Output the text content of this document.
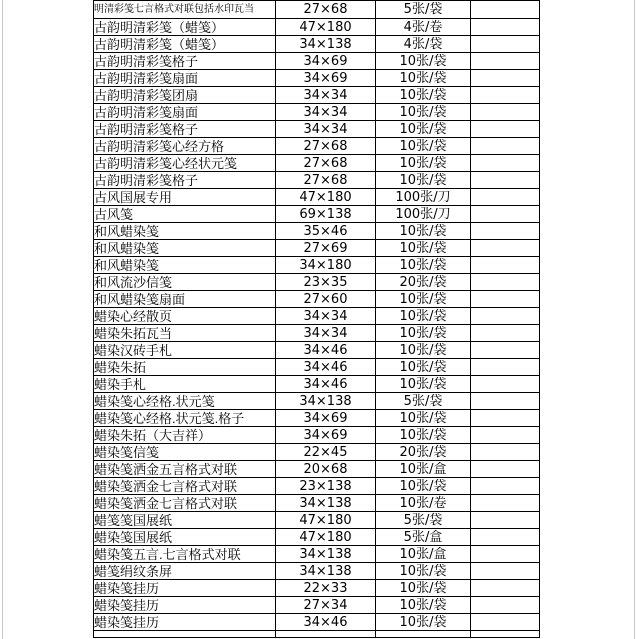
明清彩笺七言格式对联包括水印瓦当	27×68	5张/袋	
古韵明清彩笺（蜡笺）	47×180	4张/卷	
古韵明清彩笺（蜡笺）	34×138	4张/袋	
古韵明清彩笺格子	34×69	10张/袋	
古韵明清彩笺扇面	34×69	10张/袋	
古韵明清彩笺团扇	34×34	10张/袋	
古韵明清彩笺扇面	34×34	10张/袋	
古韵明清彩笺格子	34×34	10张/袋	
古韵明清彩笺心经方格	27×68	10张/袋	
古韵明清彩笺心经状元笺	27×68	10张/袋	
古韵明清彩笺格子	27×68	10张/袋	
古风国展专用	47×180	100张/刀	
古风笺	69×138	100张/刀	
和风蜡染笺	35×46	10张/袋	
和风蜡染笺	27×69	10张/袋	
和风蜡染笺	34×180	10张/袋	
和风流沙信笺	23×35	20张/袋	
和风蜡染笺扇面	27×60	10张/袋	
蜡染心经散页	34×34	10张/袋	
蜡染朱拓瓦当	34×34	10张/袋	
蜡染汉砖手札	34×46	10张/袋	
蜡染朱拓	34×46	10张/袋	
蜡染手札	34×46	10张/袋	
蜡染笺心经格.状元笺	34×138	5张/袋	
蜡染笺心经格.状元笺.格子	34×69	10张/袋	
蜡染朱拓（大吉祥）	34×69	10张/袋	
蜡染笺信笺	22×45	20张/袋	
蜡染笺洒金五言格式对联	20×68	10张/盒	
蜡染笺洒金七言格式对联	23×138	10张/袋	
蜡染笺洒金七言格式对联	34×138	10张/卷	
蜡笺笺国展纸	47×180	5张/袋	
蜡染笺国展纸	47×180	5张/盒	
蜡染笺五言.七言格式对联	34×138	10张/盒	
蜡笺绢纹条屏	34×138	10张/袋	
蜡染笺挂历	22×33	10张/袋	
蜡染笺挂历	27×34	10张/袋	
蜡染笺挂历	34×46	10张/袋	
